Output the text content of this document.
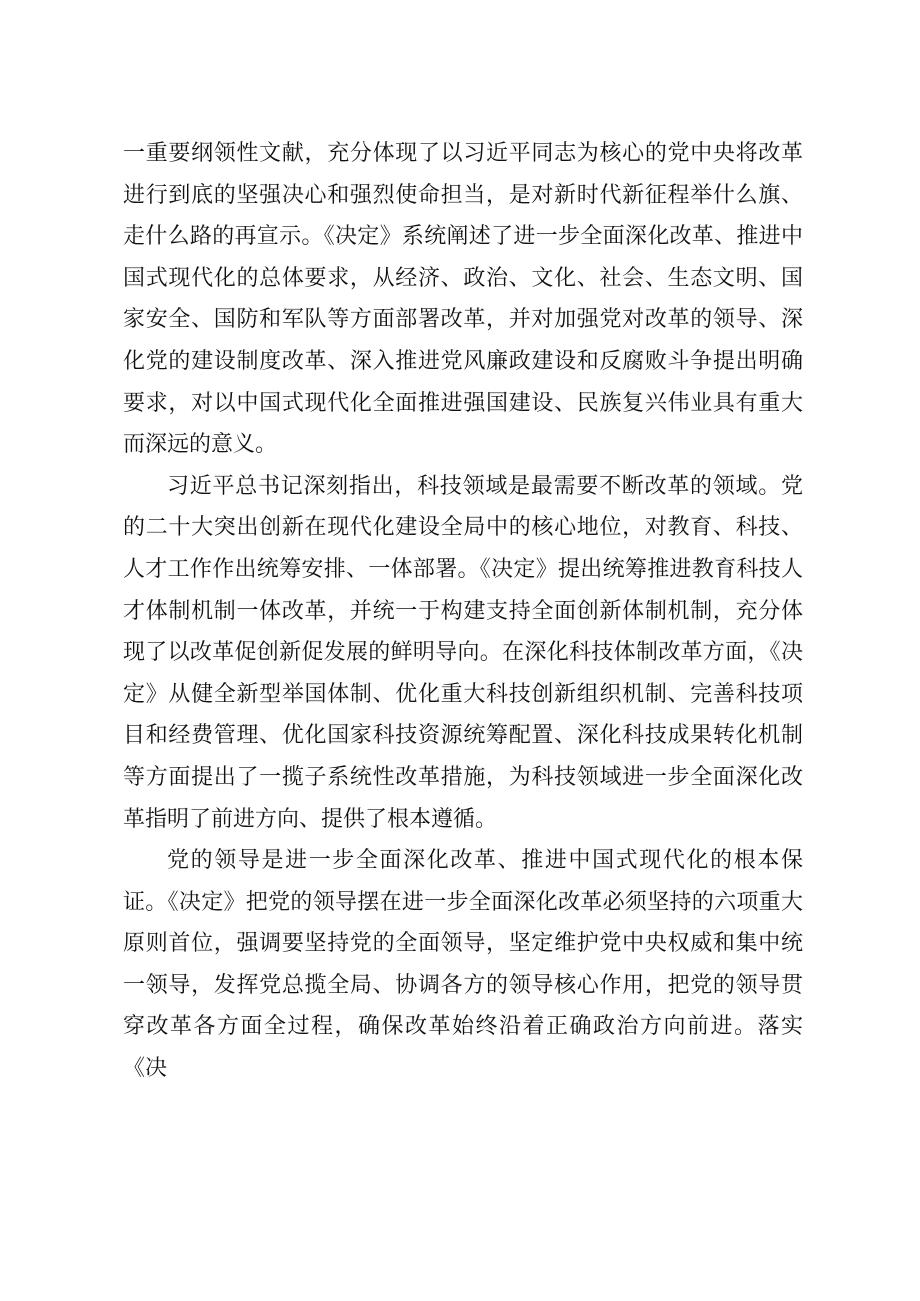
一重要纲领性文献，充分体现了以习近平同志为核心的党中央将改革进行到底的坚强决心和强烈使命担当，是对新时代新征程举什么旗、走什么路的再宣示。《决定》系统阐述了进一步全面深化改革、推进中国式现代化的总体要求，从经济、政治、文化、社会、生态文明、国家安全、国防和军队等方面部署改革，并对加强党对改革的领导、深化党的建设制度改革、深入推进党风廉政建设和反腐败斗争提出明确要求，对以中国式现代化全面推进强国建设、民族复兴伟业具有重大而深远的意义。

习近平总书记深刻指出，科技领域是最需要不断改革的领域。党的二十大突出创新在现代化建设全局中的核心地位，对教育、科技、人才工作作出统筹安排、一体部署。《决定》提出统筹推进教育科技人才体制机制一体改革，并统一于构建支持全面创新体制机制，充分体现了以改革促创新促发展的鲜明导向。在深化科技体制改革方面，《决定》从健全新型举国体制、优化重大科技创新组织机制、完善科技项目和经费管理、优化国家科技资源统筹配置、深化科技成果转化机制等方面提出了一揽子系统性改革措施，为科技领域进一步全面深化改革指明了前进方向、提供了根本遵循。

党的领导是进一步全面深化改革、推进中国式现代化的根本保证。《决定》把党的领导摆在进一步全面深化改革必须坚持的六项重大原则首位，强调要坚持党的全面领导，坚定维护党中央权威和集中统一领导，发挥党总揽全局、协调各方的领导核心作用，把党的领导贯穿改革各方面全过程，确保改革始终沿着正确政治方向前进。落实《决
